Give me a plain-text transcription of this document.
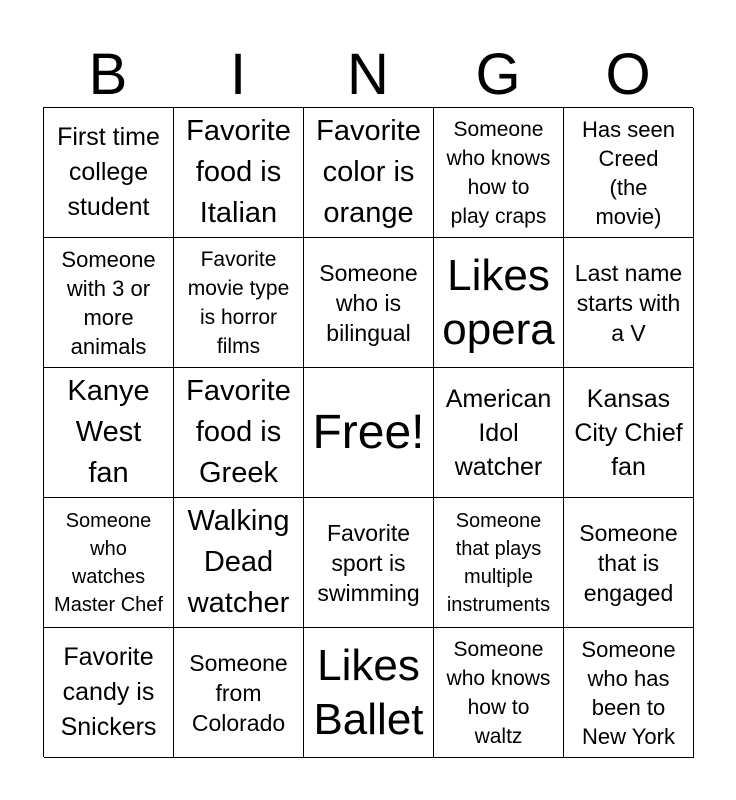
B	I	N	G	O
First time
college
student
Favorite
food is
Italian
Favorite
color is
orange
Someone
who knows
how to
play craps
Has seen
Creed
(the
movie)
Someone
with 3 or
more
animals
Favorite
movie type
is horror
films
Someone
who is
bilingual
Likes
opera
Last name
starts with
a V
Kanye
West
fan
Favorite
food is
Greek
Free!
American
Idol
watcher
Kansas
City Chief
fan
Someone
who
watches
Master Chef
Walking
Dead
watcher
Favorite
sport is
swimming
Someone
that plays
multiple
instruments
Someone
that is
engaged
Favorite
candy is
Snickers
Someone
from
Colorado
Likes
Ballet
Someone
who knows
how to
waltz
Someone
who has
been to
New York
